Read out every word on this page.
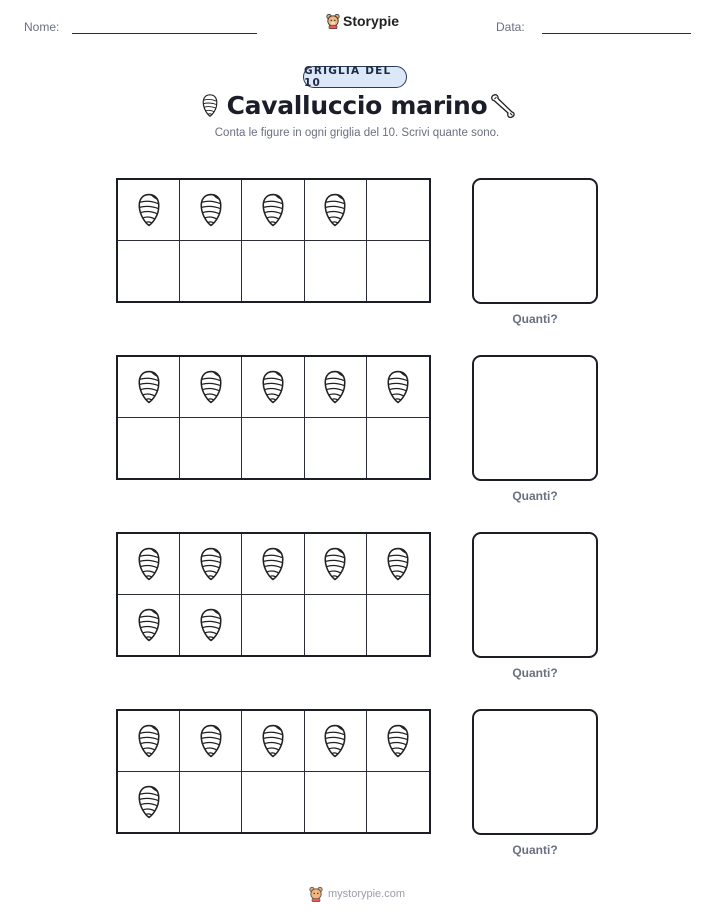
Nome:	Storypie	Data:
GRIGLIA DEL 10
Cavalluccio marino
Conta le figure in ogni griglia del 10. Scrivi quante sono.
Quanti?
Quanti?
Quanti?
Quanti?
mystorypie.com
